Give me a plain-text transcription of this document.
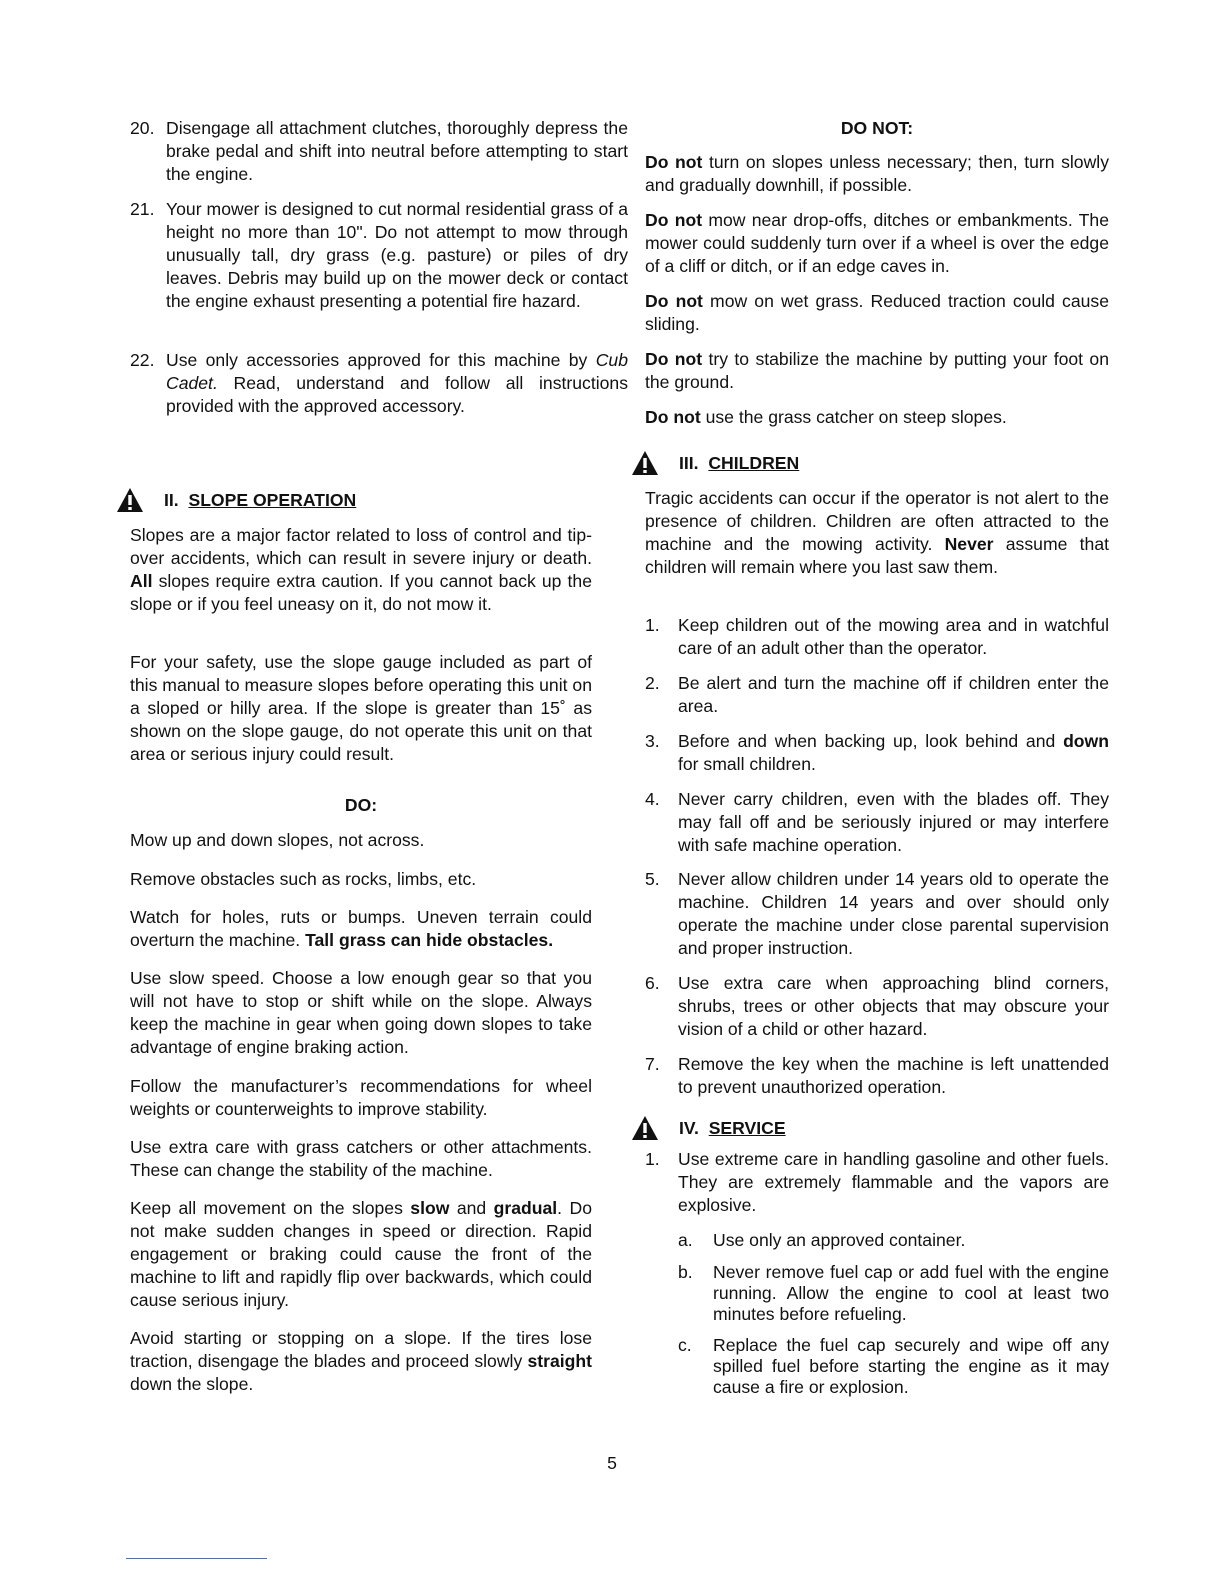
20. Disengage all attachment clutches, thoroughly depress the brake pedal and shift into neutral before attempting to start the engine.
21. Your mower is designed to cut normal residential grass of a height no more than 10". Do not attempt to mow through unusually tall, dry grass (e.g. pasture) or piles of dry leaves. Debris may build up on the mower deck or contact the engine exhaust presenting a potential fire hazard.
22. Use only accessories approved for this machine by Cub Cadet. Read, understand and follow all instructions provided with the approved accessory.
II. SLOPE OPERATION

Slopes are a major factor related to loss of control and tip-over accidents, which can result in severe injury or death. All slopes require extra caution. If you cannot back up the slope or if you feel uneasy on it, do not mow it.

For your safety, use the slope gauge included as part of this manual to measure slopes before operating this unit on a sloped or hilly area. If the slope is greater than 15˚ as shown on the slope gauge, do not operate this unit on that area or serious injury could result.

DO:

Mow up and down slopes, not across.

Remove obstacles such as rocks, limbs, etc.

Watch for holes, ruts or bumps. Uneven terrain could overturn the machine. Tall grass can hide obstacles.

Use slow speed. Choose a low enough gear so that you will not have to stop or shift while on the slope. Always keep the machine in gear when going down slopes to take advantage of engine braking action.

Follow the manufacturer’s recommendations for wheel weights or counterweights to improve stability.

Use extra care with grass catchers or other attachments. These can change the stability of the machine.

Keep all movement on the slopes slow and gradual. Do not make sudden changes in speed or direction. Rapid engagement or braking could cause the front of the machine to lift and rapidly flip over backwards, which could cause serious injury.

Avoid starting or stopping on a slope. If the tires lose traction, disengage the blades and proceed slowly straight down the slope.

DO NOT:

Do not turn on slopes unless necessary; then, turn slowly and gradually downhill, if possible.

Do not mow near drop-offs, ditches or embankments. The mower could suddenly turn over if a wheel is over the edge of a cliff or ditch, or if an edge caves in.

Do not mow on wet grass. Reduced traction could cause sliding.

Do not try to stabilize the machine by putting your foot on the ground.

Do not use the grass catcher on steep slopes.

III. CHILDREN

Tragic accidents can occur if the operator is not alert to the presence of children. Children are often attracted to the machine and the mowing activity. Never assume that children will remain where you last saw them.

1. Keep children out of the mowing area and in watchful care of an adult other than the operator.
2. Be alert and turn the machine off if children enter the area.
3. Before and when backing up, look behind and down for small children.
4. Never carry children, even with the blades off. They may fall off and be seriously injured or may interfere with safe machine operation.
5. Never allow children under 14 years old to operate the machine. Children 14 years and over should only operate the machine under close parental supervision and proper instruction.
6. Use extra care when approaching blind corners, shrubs, trees or other objects that may obscure your vision of a child or other hazard.
7. Remove the key when the machine is left unattended to prevent unauthorized operation.
IV. SERVICE
1. Use extreme care in handling gasoline and other fuels. They are extremely flammable and the vapors are explosive.
a. Use only an approved container.
b. Never remove fuel cap or add fuel with the engine running. Allow the engine to cool at least two minutes before refueling.
c. Replace the fuel cap securely and wipe off any spilled fuel before starting the engine as it may cause a fire or explosion.
5
